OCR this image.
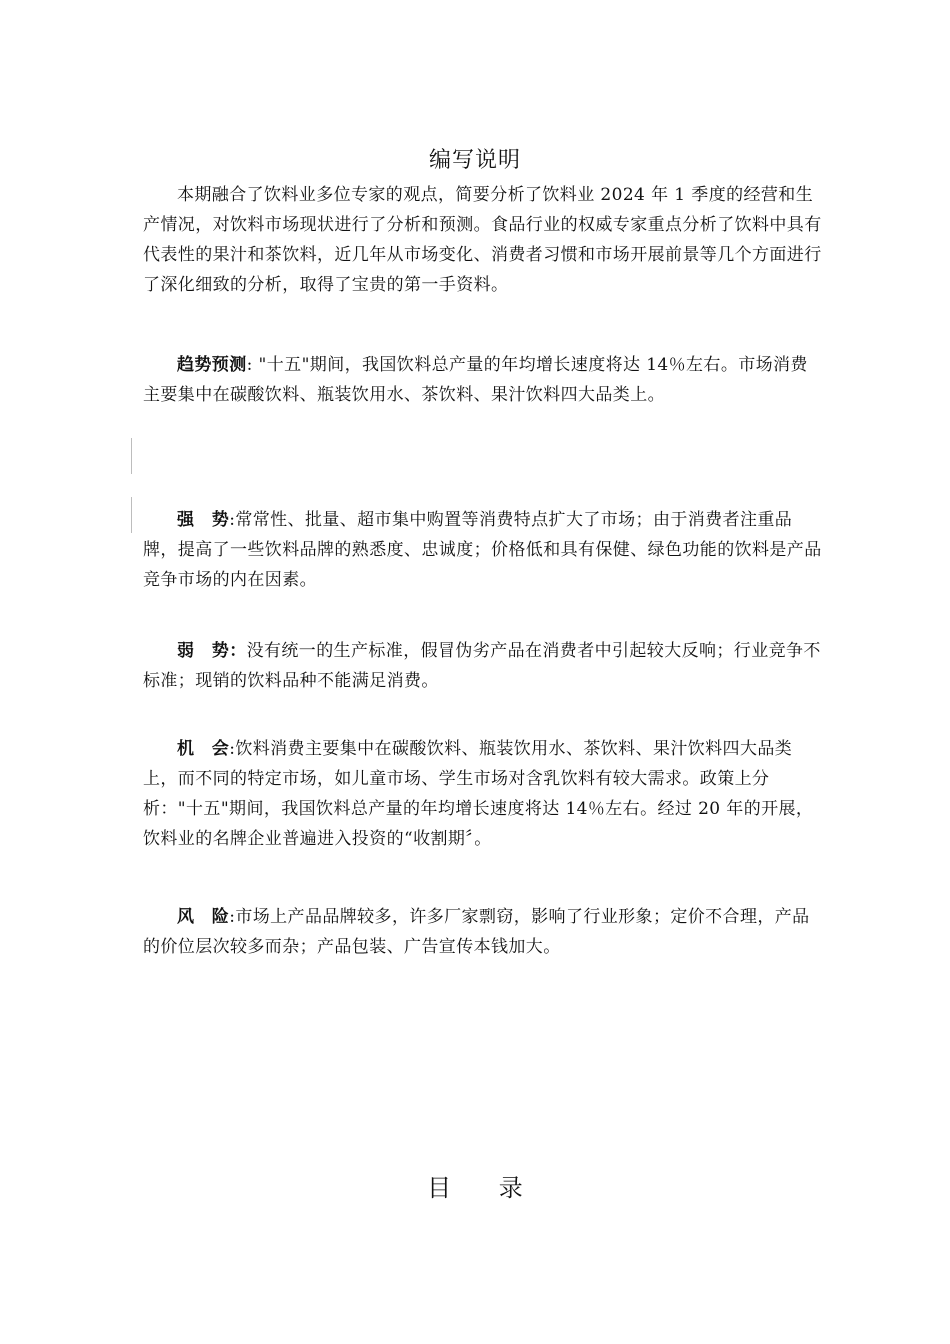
编写说明

本期融合了饮料业多位专家的观点，简要分析了饮料业 2024 年 1 季度的经营和生产情况，对饮料市场现状进行了分析和预测。食品行业的权威专家重点分析了饮料中具有代表性的果汁和茶饮料，近几年从市场变化、消费者习惯和市场开展前景等几个方面进行了深化细致的分析，取得了宝贵的第一手资料。

趋势预测: "十五"期间，我国饮料总产量的年均增长速度将达 14％左右。市场消费主要集中在碳酸饮料、瓶装饮用水、茶饮料、果汁饮料四大品类上。

强　势:常常性、批量、超市集中购置等消费特点扩大了市场；由于消费者注重品牌，提高了一些饮料品牌的熟悉度、忠诚度；价格低和具有保健、绿色功能的饮料是产品竞争市场的内在因素。

弱　势：没有统一的生产标准，假冒伪劣产品在消费者中引起较大反响；行业竞争不标准；现销的饮料品种不能满足消费。

机　会:饮料消费主要集中在碳酸饮料、瓶装饮用水、茶饮料、果汁饮料四大品类上，而不同的特定市场，如儿童市场、学生市场对含乳饮料有较大需求。政策上分析："十五"期间，我国饮料总产量的年均增长速度将达 14％左右。经过 20 年的开展，饮料业的名牌企业普遍进入投资的“收割期〞。

风　险:市场上产品品牌较多，许多厂家剽窃，影响了行业形象；定价不合理，产品的价位层次较多而杂；产品包装、广告宣传本钱加大。

目 录
